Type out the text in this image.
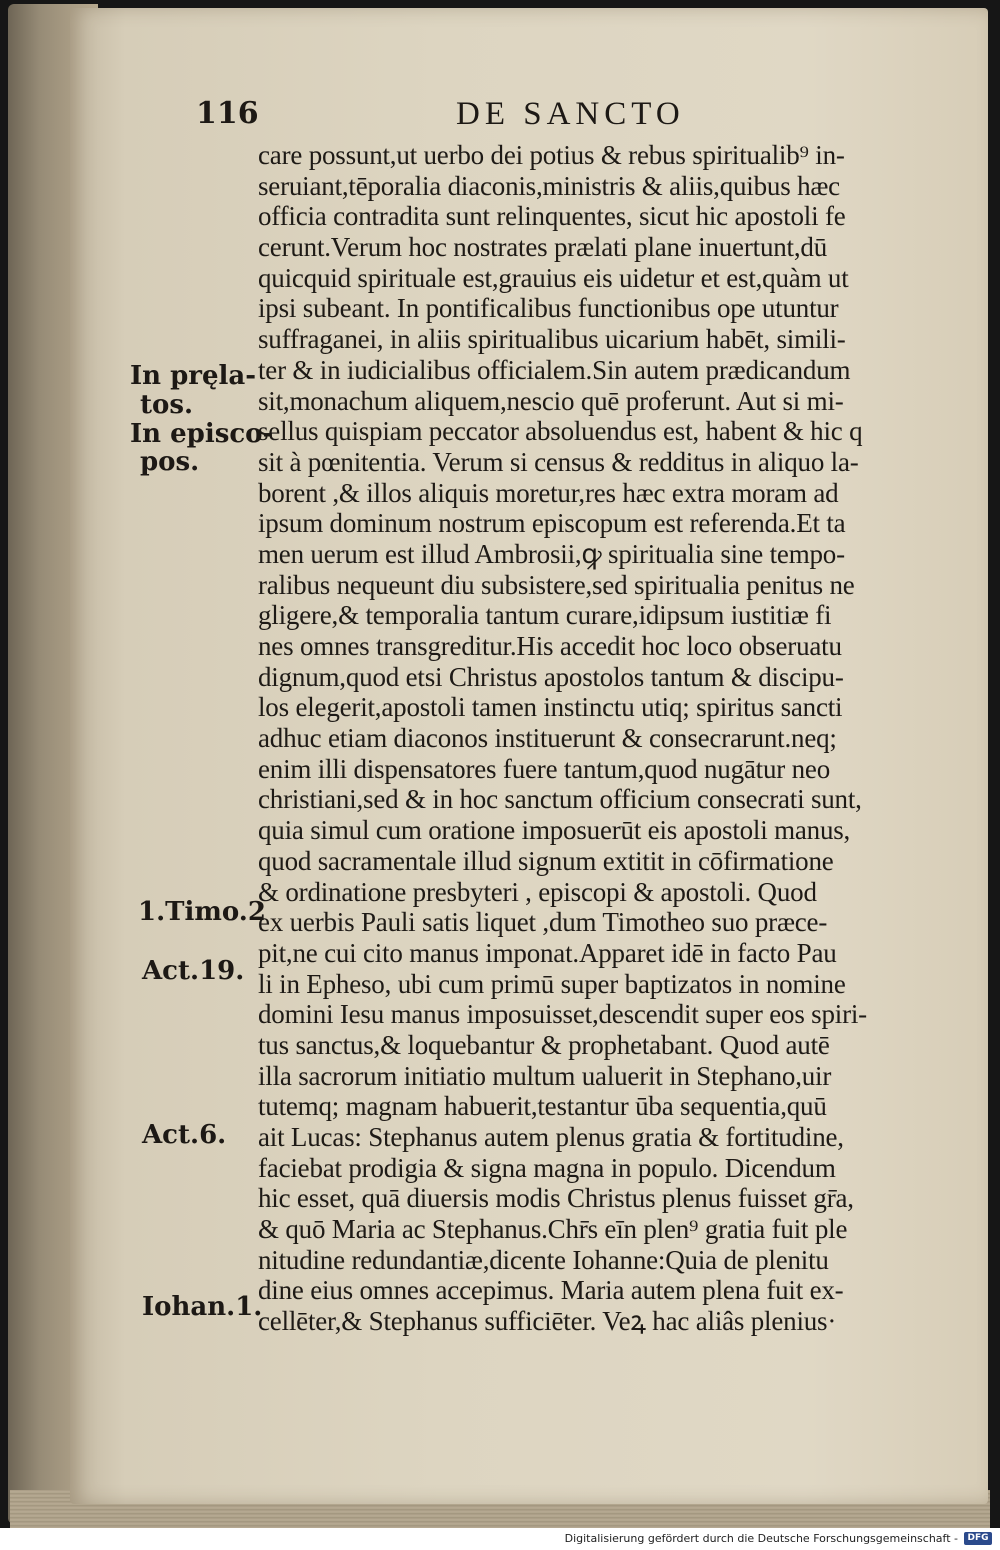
116	DE SANCTO
care possunt,ut uerbo dei potius & rebus spiritualib⁹ in-
seruiant,tēporalia diaconis,ministris & aliis,quibus hæc
officia contradita sunt relinquentes, sicut hic apostoli fe
cerunt.Verum hoc nostrates prælati plane inuertunt,dū
quicquid spirituale est,grauius eis uidetur et est,quàm ut
ipsi subeant. In pontificalibus functionibus ope utuntur
suffraganei, in aliis spiritualibus uicarium habēt, simili-
ter & in iudicialibus officialem.Sin autem prædicandum
sit,monachum aliquem,nescio quē proferunt. Aut si mi-
sellus quispiam peccator absoluendus est, habent & hic q
sit à pœnitentia. Verum si census & redditus in aliquo la-
borent ,& illos aliquis moretur,res hæc extra moram ad
ipsum dominum nostrum episcopum est referenda.Et ta
men uerum est illud Ambrosii,ꝙ spiritualia sine tempo-
ralibus nequeunt diu subsistere,sed spiritualia penitus ne
gligere,& temporalia tantum curare,idipsum iustitiæ fi
nes omnes transgreditur.His accedit hoc loco obseruatu
dignum,quod etsi Christus apostolos tantum & discipu-
los elegerit,apostoli tamen instinctu utiq; spiritus sancti
adhuc etiam diaconos instituerunt & consecrarunt.neq;
enim illi dispensatores fuere tantum,quod nugātur neo
christiani,sed & in hoc sanctum officium consecrati sunt,
quia simul cum oratione imposuerūt eis apostoli manus,
quod sacramentale illud signum extitit in cōfirmatione
& ordinatione presbyteri , episcopi & apostoli. Quod
ex uerbis Pauli satis liquet ,dum Timotheo suo præce-
pit,ne cui cito manus imponat.Apparet idē in facto Pau
li in Epheso, ubi cum primū super baptizatos in nomine
domini Iesu manus imposuisset,descendit super eos spiri-
tus sanctus,& loquebantur & prophetabant. Quod autē
illa sacrorum initiatio multum ualuerit in Stephano,uir
tutemq; magnam habuerit,testantur ūba sequentia,quū
ait Lucas: Stephanus autem plenus gratia & fortitudine,
faciebat prodigia & signa magna in populo. Dicendum
hic esset, quā diuersis modis Christus plenus fuisset gr̄a,
& quō Maria ac Stephanus.Chr̄s eīn plen⁹ gratia fuit ple
nitudine redundantiæ,dicente Iohanne:Quia de plenitu
dine eius omnes accepimus. Maria autem plena fuit ex-
cellēter,& Stephanus sufficiēter. Veꝝ hac aliâs plenius·
In pręla-
tos.
In episco-
pos.
1.Timo.2
Act.19.
Act.6.
Iohan.1.
Digitalisierung gefördert durch die Deutsche Forschungsgemeinschaft -	DFG
